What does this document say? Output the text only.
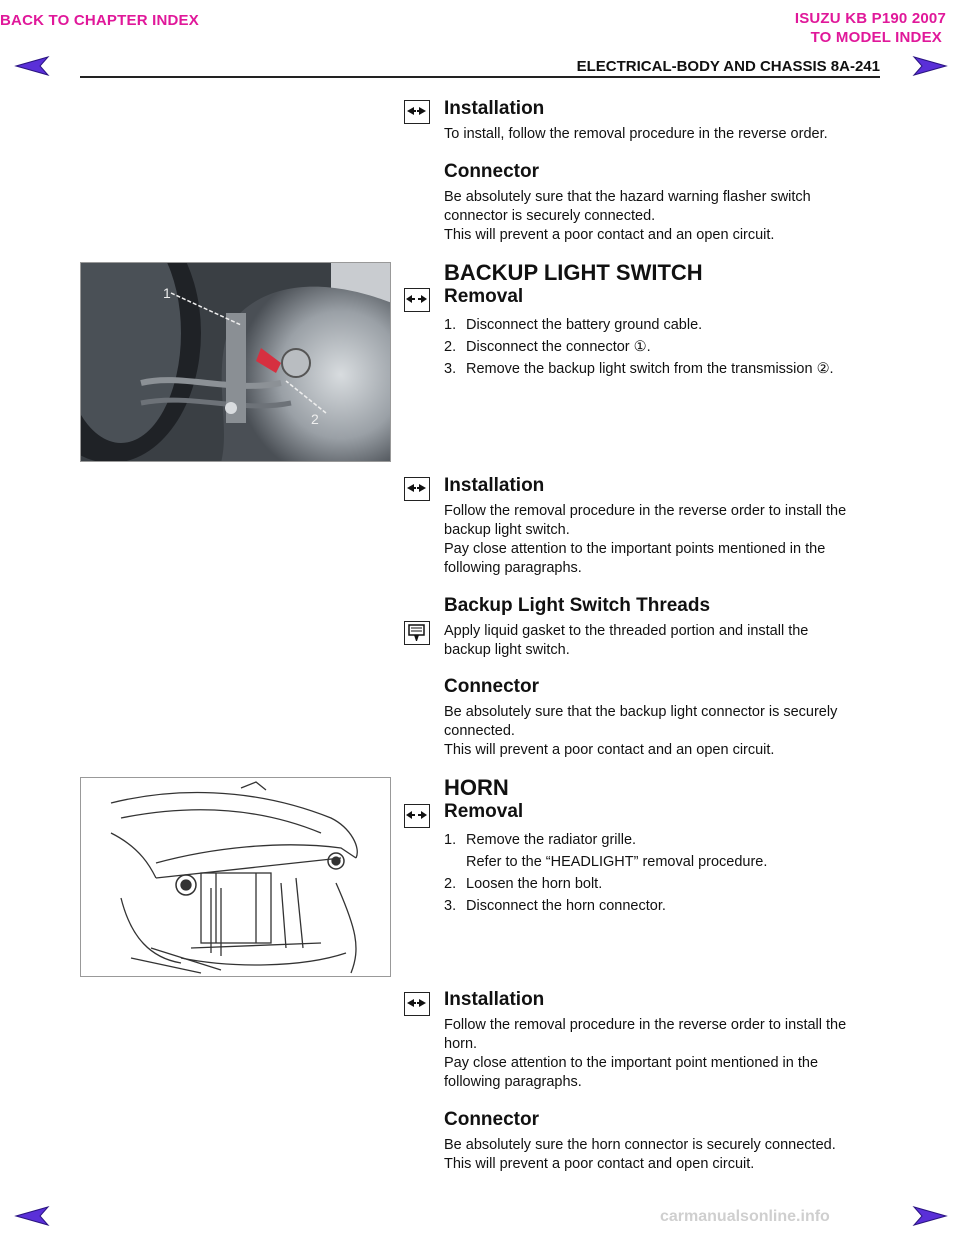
BACK TO CHAPTER INDEX	ISUZU KB P190 2007
TO MODEL INDEX
ELECTRICAL-BODY AND CHASSIS 8A-241
Installation

To install, follow the removal procedure in the reverse order.

Connector

Be absolutely sure that the hazard warning flasher switch

connector is securely connected.

This will prevent a poor contact and an open circuit.

1
2
BACKUP LIGHT SWITCH
Removal
1. Disconnect the battery ground cable.
2. Disconnect the connector ①.
3. Remove the backup light switch from the transmission ②.
Installation

Follow the removal procedure in the reverse order to install the

backup light switch.

Pay close attention to the important points mentioned in the

following paragraphs.

Backup Light Switch Threads

Apply liquid gasket to the threaded portion and install the

backup light switch.

Connector

Be absolutely sure that the backup light connector is securely

connected.

This will prevent a poor contact and an open circuit.

HORN
Removal
1. Remove the radiator grille.
Refer to the “HEADLIGHT” removal procedure.
2. Loosen the horn bolt.
3. Disconnect the horn connector.
Installation

Follow the removal procedure in the reverse order to install the

horn.

Pay close attention to the important point mentioned in the

following paragraphs.

Connector

Be absolutely sure the horn connector is securely connected.

This will prevent a poor contact and open circuit.

carmanualsonline.info
